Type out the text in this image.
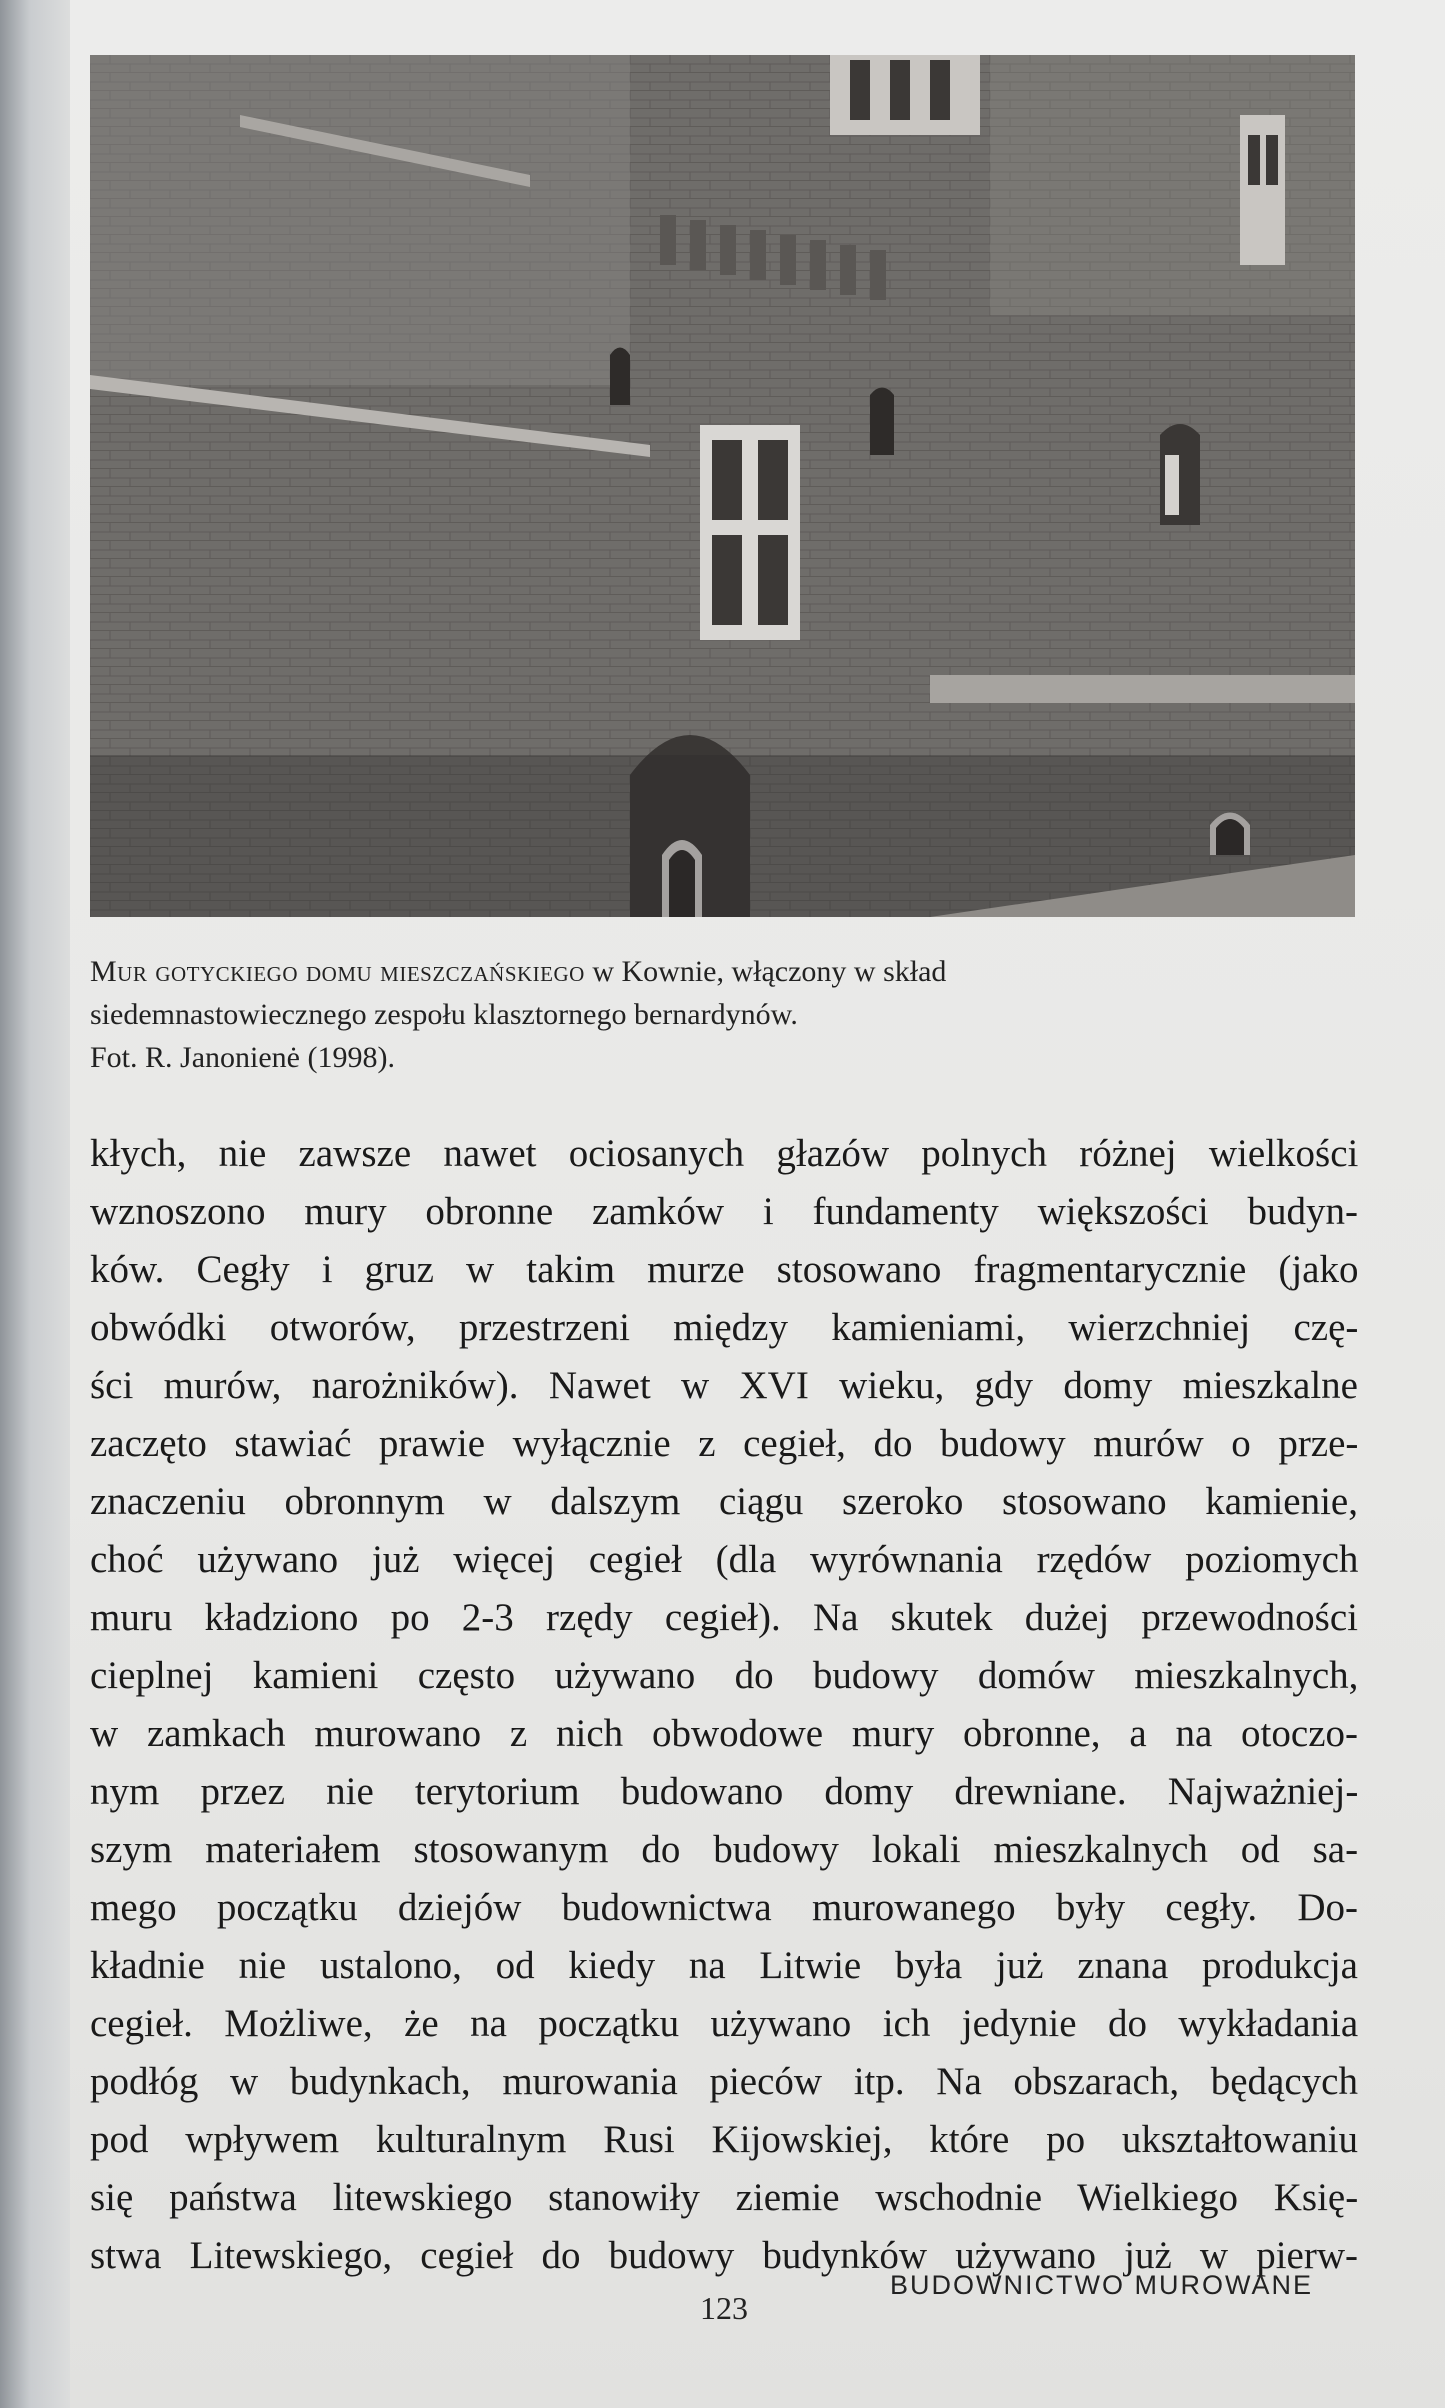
Mur gotyckiego domu mieszczańskiego w Kownie, włączony w skład
siedemnastowiecznego zespołu klasztornego bernardynów.
Fot. R. Janonienė (1998).
kłych, nie zawsze nawet ociosanych głazów polnych różnej wielkości
wznoszono mury obronne zamków i fundamenty większości budyn-
ków. Cegły i gruz w takim murze stosowano fragmentarycznie (jako
obwódki otworów, przestrzeni między kamieniami, wierzchniej czę-
ści murów, narożników). Nawet w XVI wieku, gdy domy mieszkalne
zaczęto stawiać prawie wyłącznie z cegieł, do budowy murów o prze-
znaczeniu obronnym w dalszym ciągu szeroko stosowano kamienie,
choć używano już więcej cegieł (dla wyrównania rzędów poziomych
muru kładziono po 2-3 rzędy cegieł). Na skutek dużej przewodności
cieplnej kamieni często używano do budowy domów mieszkalnych,
w zamkach murowano z nich obwodowe mury obronne, a na otoczo-
nym przez nie terytorium budowano domy drewniane. Najważniej-
szym materiałem stosowanym do budowy lokali mieszkalnych od sa-
mego początku dziejów budownictwa murowanego były cegły. Do-
kładnie nie ustalono, od kiedy na Litwie była już znana produkcja
cegieł. Możliwe, że na początku używano ich jedynie do wykładania
podłóg w budynkach, murowania pieców itp. Na obszarach, będących
pod wpływem kulturalnym Rusi Kijowskiej, które po ukształtowaniu
się państwa litewskiego stanowiły ziemie wschodnie Wielkiego Księ-
stwa Litewskiego, cegieł do budowy budynków używano już w pierw-
123
BUDOWNICTWO MUROWANE
